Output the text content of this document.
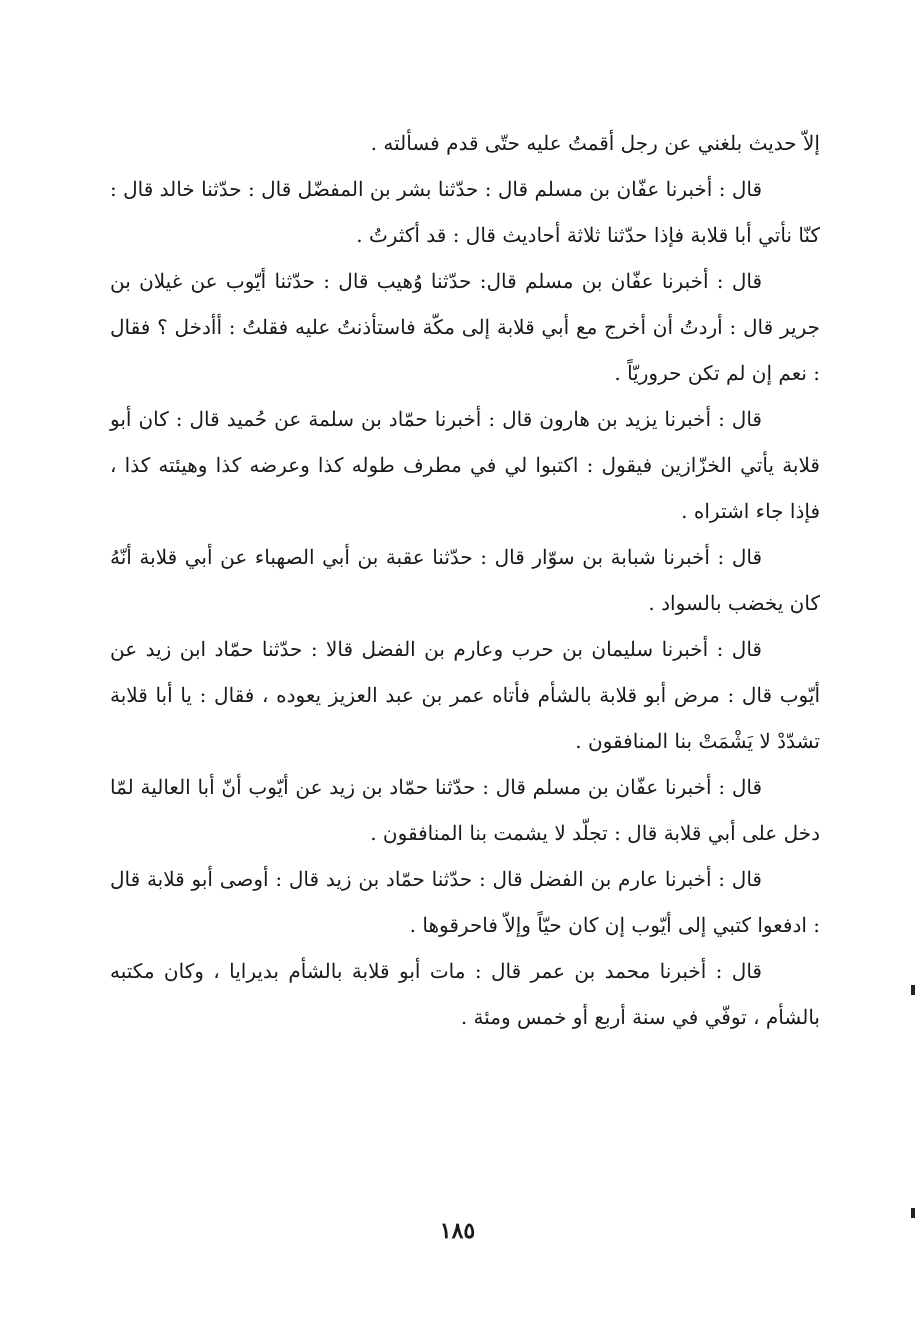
إلاّ حديث بلغني عن رجل أقمتُ عليه حتّى قدم فسألته .

قال : أخبرنا عفّان بن مسلم قال : حدّثنا بشر بن المفضّل قال : حدّثنا خالد قال : كنّا نأتي أبا قلابة فإذا حدّثنا ثلاثة أحاديث قال : قد أكثرتُ .

قال : أخبرنا عفّان بن مسلم قال: حدّثنا وُهيب قال : حدّثنا أيّوب عن غيلان بن جرير قال : أردتُ أن أخرج مع أبي قلابة إلى مكّة فاستأذنتُ عليه فقلتُ : أأدخل ؟ فقال : نعم إن لم تكن حروريّاً .

قال : أخبرنا يزيد بن هارون قال : أخبرنا حمّاد بن سلمة عن حُميد قال : كان أبو قلابة يأتي الخزّازين فيقول : اكتبوا لي في مطرف طوله كذا وعرضه كذا وهيئته كذا ، فإذا جاء اشتراه .

قال : أخبرنا شبابة بن سوّار قال : حدّثنا عقبة بن أبي الصهباء عن أبي قلابة أنّهُ كان يخضب بالسواد .

قال : أخبرنا سليمان بن حرب وعارم بن الفضل قالا : حدّثنا حمّاد ابن زيد عن أيّوب قال : مرض أبو قلابة بالشأم فأتاه عمر بن عبد العزيز يعوده ، فقال : يا أبا قلابة تشدّدْ لا يَشْمَتْ بنا المنافقون .

قال : أخبرنا عفّان بن مسلم قال : حدّثنا حمّاد بن زيد عن أيّوب أنّ أبا العالية لمّا دخل على أبي قلابة قال : تجلّد لا يشمت بنا المنافقون .

قال : أخبرنا عارم بن الفضل قال : حدّثنا حمّاد بن زيد قال : أوصى أبو قلابة قال : ادفعوا كتبي إلى أيّوب إن كان حيّاً وإلاّ فاحرقوها .

قال : أخبرنا محمد بن عمر قال : مات أبو قلابة بالشأم بديرايا ، وكان مكتبه بالشأم ، توفّي في سنة أربع أو خمس ومئة .

١٨٥
